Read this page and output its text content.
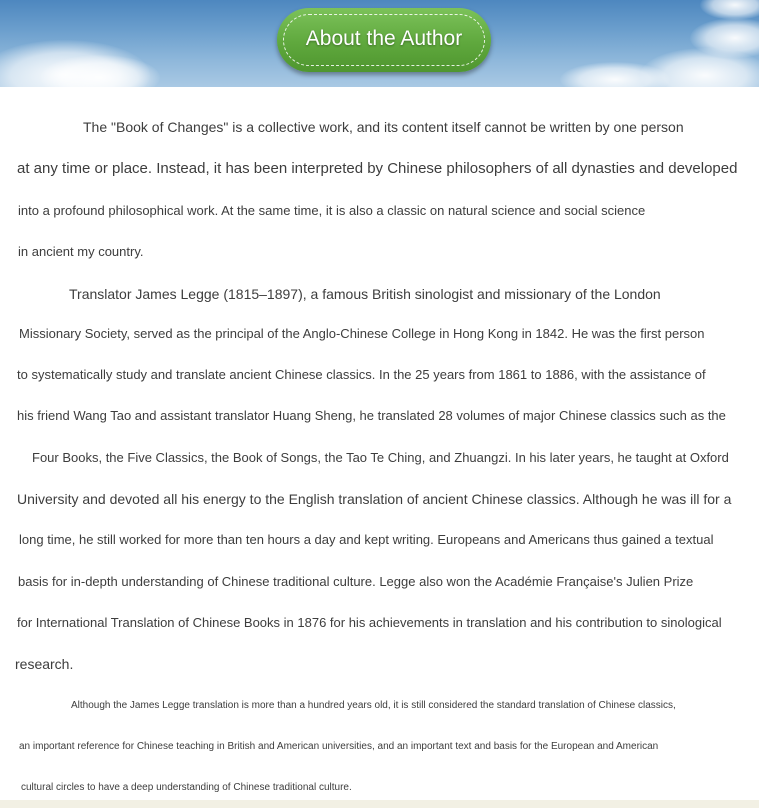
About the Author
The "Book of Changes" is a collective work, and its content itself cannot be written by one person
at any time or place. Instead, it has been interpreted by Chinese philosophers of all dynasties and developed
into a profound philosophical work. At the same time, it is also a classic on natural science and social science
in ancient my country.
Translator James Legge (1815–1897), a famous British sinologist and missionary of the London
Missionary Society, served as the principal of the Anglo-Chinese College in Hong Kong in 1842. He was the first person
to systematically study and translate ancient Chinese classics. In the 25 years from 1861 to 1886, with the assistance of
his friend Wang Tao and assistant translator Huang Sheng, he translated 28 volumes of major Chinese classics such as the
Four Books, the Five Classics, the Book of Songs, the Tao Te Ching, and Zhuangzi. In his later years, he taught at Oxford
University and devoted all his energy to the English translation of ancient Chinese classics. Although he was ill for a
long time, he still worked for more than ten hours a day and kept writing. Europeans and Americans thus gained a textual
basis for in-depth understanding of Chinese traditional culture. Legge also won the Académie Française's Julien Prize
for International Translation of Chinese Books in 1876 for his achievements in translation and his contribution to sinological
research.
Although the James Legge translation is more than a hundred years old, it is still considered the standard translation of Chinese classics,
an important reference for Chinese teaching in British and American universities, and an important text and basis for the European and American
cultural circles to have a deep understanding of Chinese traditional culture.
